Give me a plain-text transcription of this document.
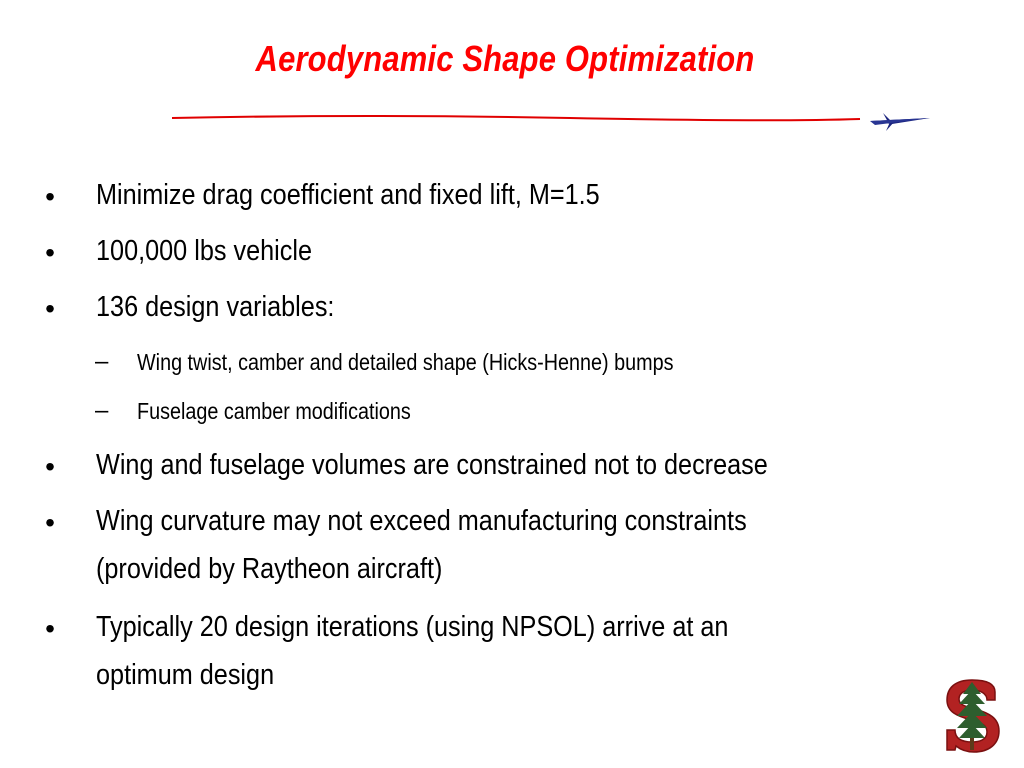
Aerodynamic Shape Optimization
• Minimize drag coefficient and fixed lift, M=1.5
• 100,000 lbs vehicle
• 136 design variables:
– Wing twist, camber and detailed shape (Hicks-Henne) bumps
– Fuselage camber modifications
• Wing and fuselage volumes are constrained not to decrease
• Wing curvature may not exceed manufacturing constraints
(provided by Raytheon aircraft)
• Typically 20 design iterations (using NPSOL) arrive at an
optimum design
